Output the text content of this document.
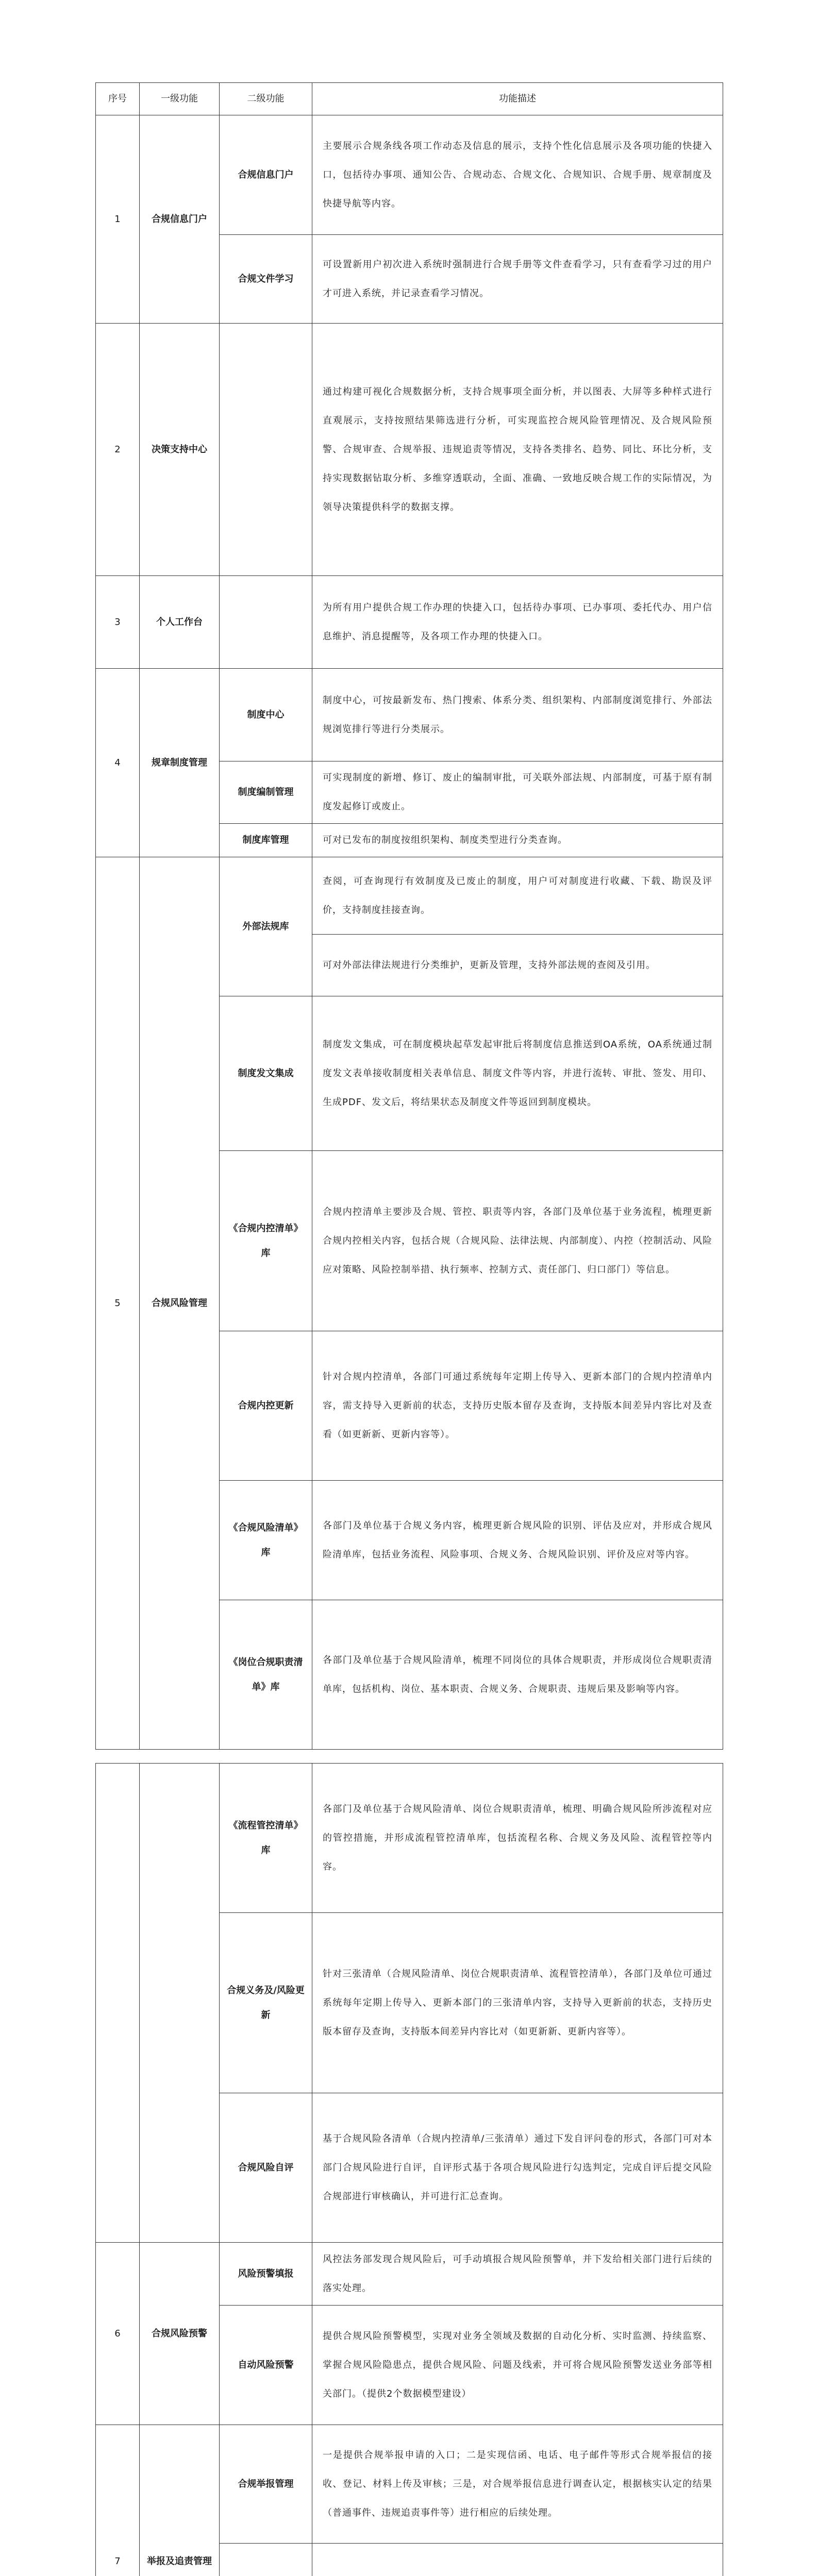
序号	一级功能	二级功能	功能描述
1	合规信息门户	合规信息门户	主要展示合规条线各项工作动态及信息的展示，支持个性化信息展示及各项功能的快捷入口，包括待办事项、通知公告、合规动态、合规文化、合规知识、合规手册、规章制度及快捷导航等内容。
		合规文件学习	可设置新用户初次进入系统时强制进行合规手册等文件查看学习，只有查看学习过的用户才可进入系统，并记录查看学习情况。
2	决策支持中心		通过构建可视化合规数据分析，支持合规事项全面分析，并以图表、大屏等多种样式进行直观展示，支持按照结果筛选进行分析，可实现监控合规风险管理情况、及合规风险预警、合规审查、合规举报、违规追责等情况，支持各类排名、趋势、同比、环比分析，支持实现数据钻取分析、多维穿透联动，全面、准确、一致地反映合规工作的实际情况，为领导决策提供科学的数据支撑。
3	个人工作台		为所有用户提供合规工作办理的快捷入口，包括待办事项、已办事项、委托代办、用户信息维护、消息提醒等，及各项工作办理的快捷入口。
4	规章制度管理	制度中心	制度中心，可按最新发布、热门搜索、体系分类、组织架构、内部制度浏览排行、外部法规浏览排行等进行分类展示。
		制度编制管理	可实现制度的新增、修订、废止的编制审批，可关联外部法规、内部制度，可基于原有制度发起修订或废止。
		制度库管理	可对已发布的制度按组织架构、制度类型进行分类查询。
5	合规风险管理	外部法规库	查阅，可查询现行有效制度及已废止的制度，用户可对制度进行收藏、下载、勘误及评价，支持制度挂接查询。
			可对外部法律法规进行分类维护，更新及管理，支持外部法规的查阅及引用。
		制度发文集成	制度发文集成，可在制度模块起草发起审批后将制度信息推送到OA系统，OA系统通过制度发文表单接收制度相关表单信息、制度文件等内容，并进行流转、审批、签发、用印、生成PDF、发文后，将结果状态及制度文件等返回到制度模块。
		《合规内控清单》库	合规内控清单主要涉及合规、管控、职责等内容，各部门及单位基于业务流程，梳理更新合规内控相关内容，包括合规（合规风险、法律法规、内部制度）、内控（控制活动、风险应对策略、风险控制举措、执行频率、控制方式、责任部门、归口部门）等信息。
		合规内控更新	针对合规内控清单，各部门可通过系统每年定期上传导入、更新本部门的合规内控清单内容，需支持导入更新前的状态，支持历史版本留存及查询，支持版本间差异内容比对及查看（如更新新、更新内容等）。
		《合规风险清单》库	各部门及单位基于合规义务内容，梳理更新合规风险的识别、评估及应对，并形成合规风险清单库，包括业务流程、风险事项、合规义务、合规风险识别、评价及应对等内容。
		《岗位合规职责清单》库	各部门及单位基于合规风险清单，梳理不同岗位的具体合规职责，并形成岗位合规职责清单库，包括机构、岗位、基本职责、合规义务、合规职责、违规后果及影响等内容。

		《流程管控清单》库	各部门及单位基于合规风险清单、岗位合规职责清单，梳理、明确合规风险所涉流程对应的管控措施，并形成流程管控清单库，包括流程名称、合规义务及风险、流程管控等内容。
		合规义务及/风险更新	针对三张清单（合规风险清单、岗位合规职责清单、流程管控清单），各部门及单位可通过系统每年定期上传导入、更新本部门的三张清单内容，支持导入更新前的状态，支持历史版本留存及查询，支持版本间差异内容比对（如更新新、更新内容等）。
		合规风险自评	基于合规风险各清单（合规内控清单/三张清单）通过下发自评问卷的形式，各部门可对本部门合规风险进行自评，自评形式基于各项合规风险进行勾选判定，完成自评后提交风险合规部进行审核确认，并可进行汇总查询。
6	合规风险预警	风险预警填报	风控法务部发现合规风险后，可手动填报合规风险预警单，并下发给相关部门进行后续的落实处理。
		自动风险预警	提供合规风险预警模型，实现对业务全领域及数据的自动化分析、实时监测、持续监察、掌握合规风险隐患点，提供合规风险、问题及线索，并可将合规风险预警发送业务部等相关部门。（提供2个数据模型建设）
7	举报及追责管理	合规举报管理	一是提供合规举报申请的入口；二是实现信函、电话、电子邮件等形式合规举报信的接收、登记、材料上传及审核；三是，对合规举报信息进行调查认定，根据核实认定的结果（普通事件、违规追责事件等）进行相应的后续处理。
